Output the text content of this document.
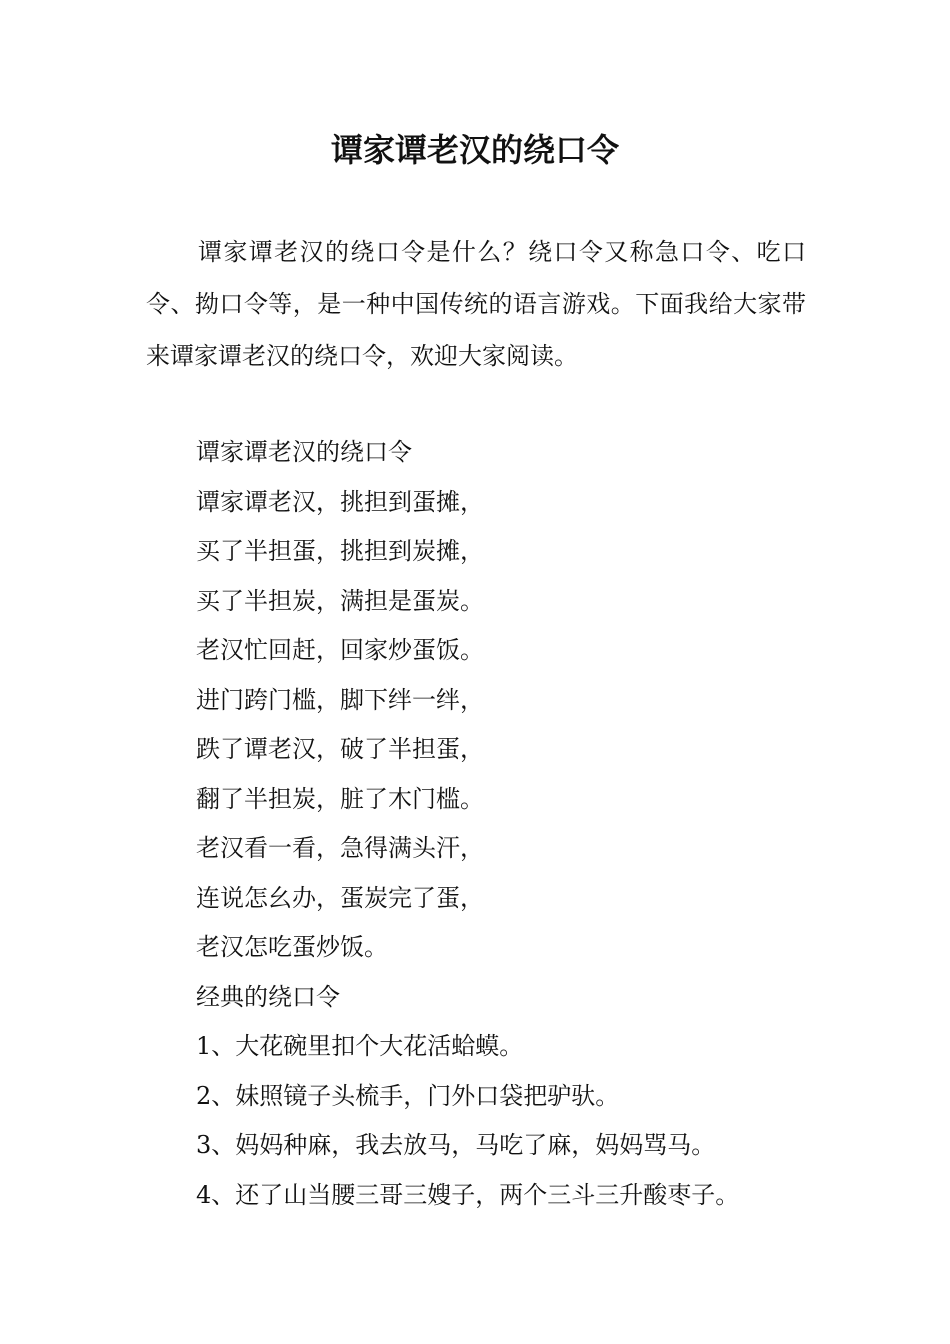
谭家谭老汉的绕口令

谭家谭老汉的绕口令是什么？绕口令又称急口令、吃口令、拗口令等，是一种中国传统的语言游戏。下面我给大家带来谭家谭老汉的绕口令，欢迎大家阅读。

谭家谭老汉的绕口令
谭家谭老汉，挑担到蛋摊，
买了半担蛋，挑担到炭摊，
买了半担炭，满担是蛋炭。
老汉忙回赶，回家炒蛋饭。
进门跨门槛，脚下绊一绊，
跌了谭老汉，破了半担蛋，
翻了半担炭，脏了木门槛。
老汉看一看，急得满头汗，
连说怎幺办，蛋炭完了蛋，
老汉怎吃蛋炒饭。
经典的绕口令
1、大花碗里扣个大花活蛤蟆。
2、妹照镜子头梳手，门外口袋把驴驮。
3、妈妈种麻，我去放马，马吃了麻，妈妈骂马。
4、还了山当腰三哥三嫂子，两个三斗三升酸枣子。
